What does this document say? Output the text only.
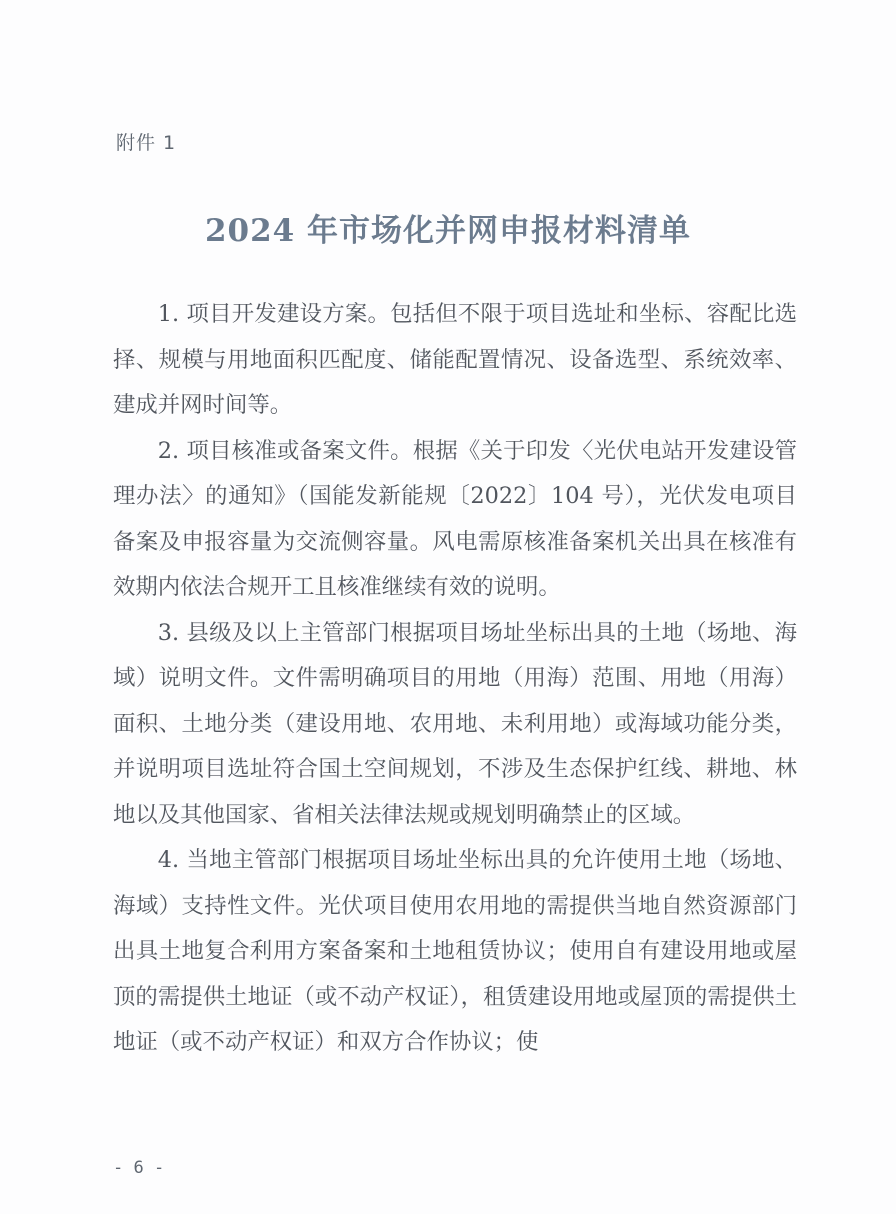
附件 1
2024 年市场化并网申报材料清单

1. 项目开发建设方案。包括但不限于项目选址和坐标、容配比选择、规模与用地面积匹配度、储能配置情况、设备选型、系统效率、建成并网时间等。

2. 项目核准或备案文件。根据《关于印发〈光伏电站开发建设管理办法〉的通知》（国能发新能规〔2022〕104 号），光伏发电项目备案及申报容量为交流侧容量。风电需原核准备案机关出具在核准有效期内依法合规开工且核准继续有效的说明。

3. 县级及以上主管部门根据项目场址坐标出具的土地（场地、海域）说明文件。文件需明确项目的用地（用海）范围、用地（用海）面积、土地分类（建设用地、农用地、未利用地）或海域功能分类，并说明项目选址符合国土空间规划，不涉及生态保护红线、耕地、林地以及其他国家、省相关法律法规或规划明确禁止的区域。

4. 当地主管部门根据项目场址坐标出具的允许使用土地（场地、海域）支持性文件。光伏项目使用农用地的需提供当地自然资源部门出具土地复合利用方案备案和土地租赁协议；使用自有建设用地或屋顶的需提供土地证（或不动产权证），租赁建设用地或屋顶的需提供土地证（或不动产权证）和双方合作协议；使

- 6 -
